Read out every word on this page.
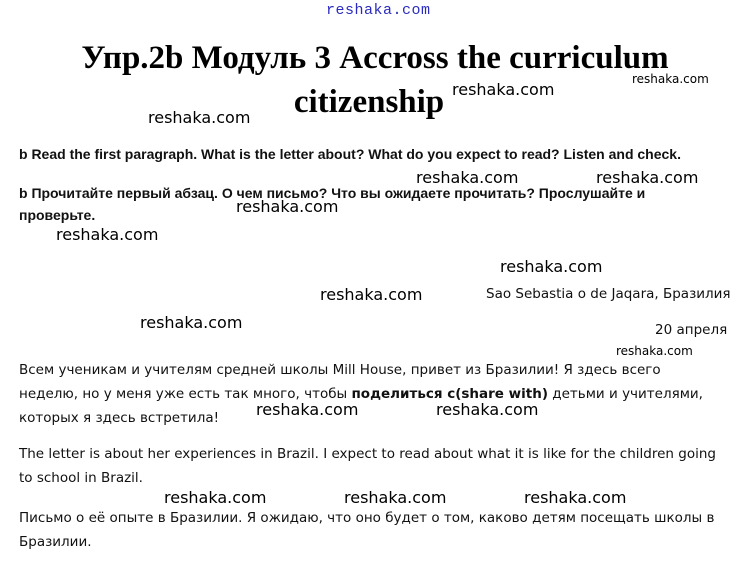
reshaka.com
Упр.2b Модуль 3 Accross the curriculum
citizenship reshaka.com
reshaka.com
reshaka.com
b Read the first paragraph. What is the letter about? What do you expect to read? Listen and check.
b Прочитайте первый абзац. О чем письмо? Что вы ожидаете прочитать? Прослушайте и проверьте.
reshaka.com	reshaka.com
reshaka.com
reshaka.com
reshaka.com
reshaka.com
reshaka.com
Sao Sebastia o de Jaqara, Бразилия
20 апреля
reshaka.com
Всем ученикам и учителям средней школы Mill House, привет из Бразилии! Я здесь всего неделю, но у меня уже есть так много, чтобы поделиться с(share with) детьми и учителями, которых я здесь встретила!	reshaka.com	reshaka.com
The letter is about her experiences in Brazil. I expect to read about what it is like for the children going to school in Brazil.
reshaka.com	reshaka.com	reshaka.com
Письмо о её опыте в Бразилии. Я ожидаю, что оно будет о том, каково детям посещать школы в Бразилии.
